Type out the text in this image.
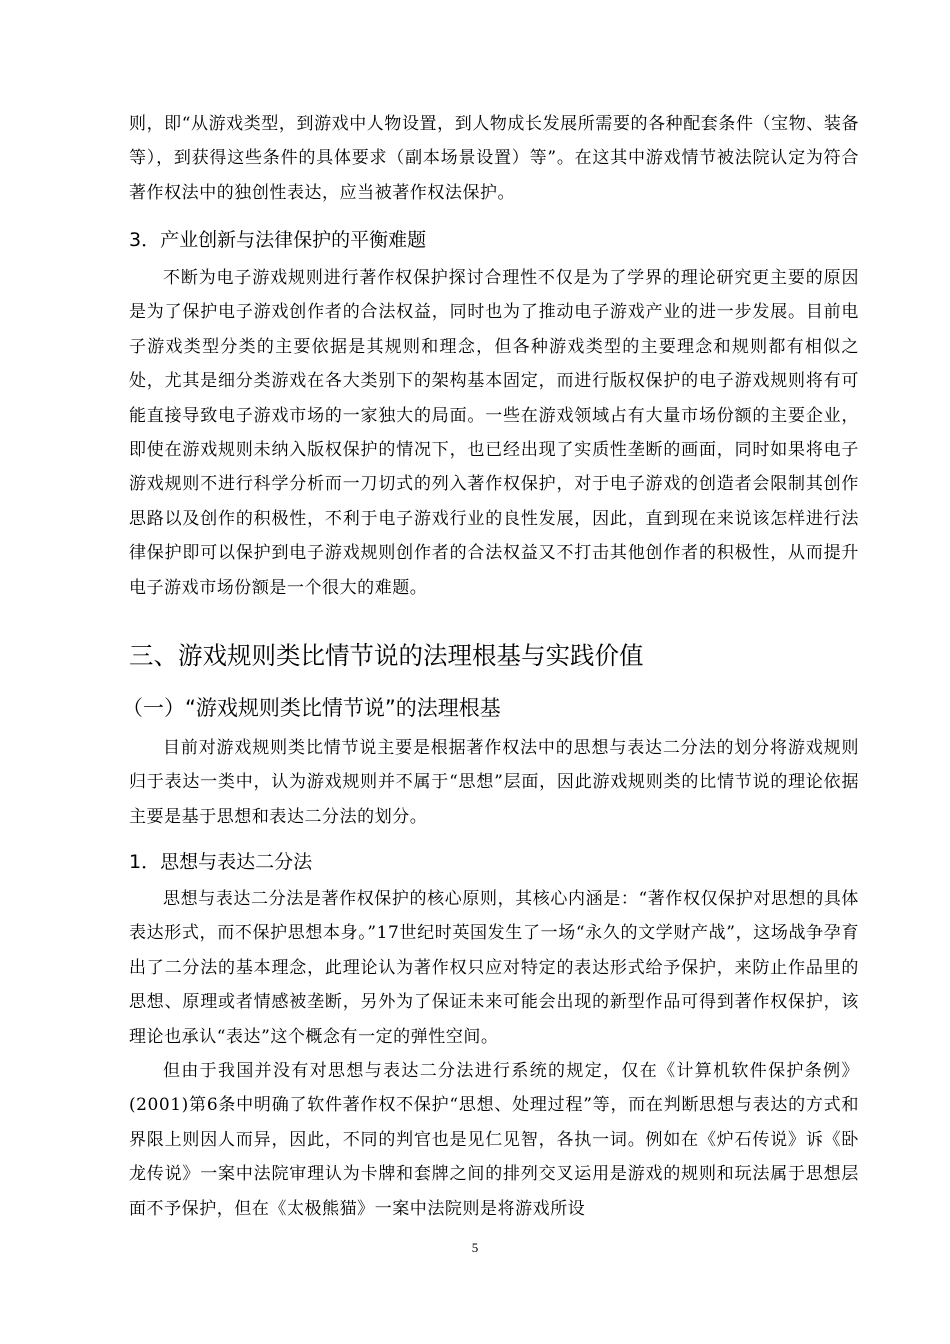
则，即“从游戏类型，到游戏中人物设置，到人物成长发展所需要的各种配套条件（宝物、装备等），到获得这些条件的具体要求（副本场景设置）等”。在这其中游戏情节被法院认定为符合著作权法中的独创性表达，应当被著作权法保护。

3．产业创新与法律保护的平衡难题

不断为电子游戏规则进行著作权保护探讨合理性不仅是为了学界的理论研究更主要的原因是为了保护电子游戏创作者的合法权益，同时也为了推动电子游戏产业的进一步发展。目前电子游戏类型分类的主要依据是其规则和理念，但各种游戏类型的主要理念和规则都有相似之处，尤其是细分类游戏在各大类别下的架构基本固定，而进行版权保护的电子游戏规则将有可能直接导致电子游戏市场的一家独大的局面。一些在游戏领域占有大量市场份额的主要企业，即使在游戏规则未纳入版权保护的情况下，也已经出现了实质性垄断的画面，同时如果将电子游戏规则不进行科学分析而一刀切式的列入著作权保护，对于电子游戏的创造者会限制其创作思路以及创作的积极性，不利于电子游戏行业的良性发展，因此，直到现在来说该怎样进行法律保护即可以保护到电子游戏规则创作者的合法权益又不打击其他创作者的积极性，从而提升电子游戏市场份额是一个很大的难题。

三、游戏规则类比情节说的法理根基与实践价值
（一）“游戏规则类比情节说”的法理根基

目前对游戏规则类比情节说主要是根据著作权法中的思想与表达二分法的划分将游戏规则归于表达一类中，认为游戏规则并不属于“思想”层面，因此游戏规则类的比情节说的理论依据主要是基于思想和表达二分法的划分。

1．思想与表达二分法

思想与表达二分法是著作权保护的核心原则，其核心内涵是：“著作权仅保护对思想的具体表达形式，而不保护思想本身。”17世纪时英国发生了一场“永久的文学财产战”，这场战争孕育出了二分法的基本理念，此理论认为著作权只应对特定的表达形式给予保护，来防止作品里的思想、原理或者情感被垄断，另外为了保证未来可能会出现的新型作品可得到著作权保护，该理论也承认“表达”这个概念有一定的弹性空间。

但由于我国并没有对思想与表达二分法进行系统的规定，仅在《计算机软件保护条例》(2001)第6条中明确了软件著作权不保护“思想、处理过程”等，而在判断思想与表达的方式和界限上则因人而异，因此，不同的判官也是见仁见智，各执一词。例如在《炉石传说》诉《卧龙传说》一案中法院审理认为卡牌和套牌之间的排列交叉运用是游戏的规则和玩法属于思想层面不予保护，但在《太极熊猫》一案中法院则是将游戏所设

5
